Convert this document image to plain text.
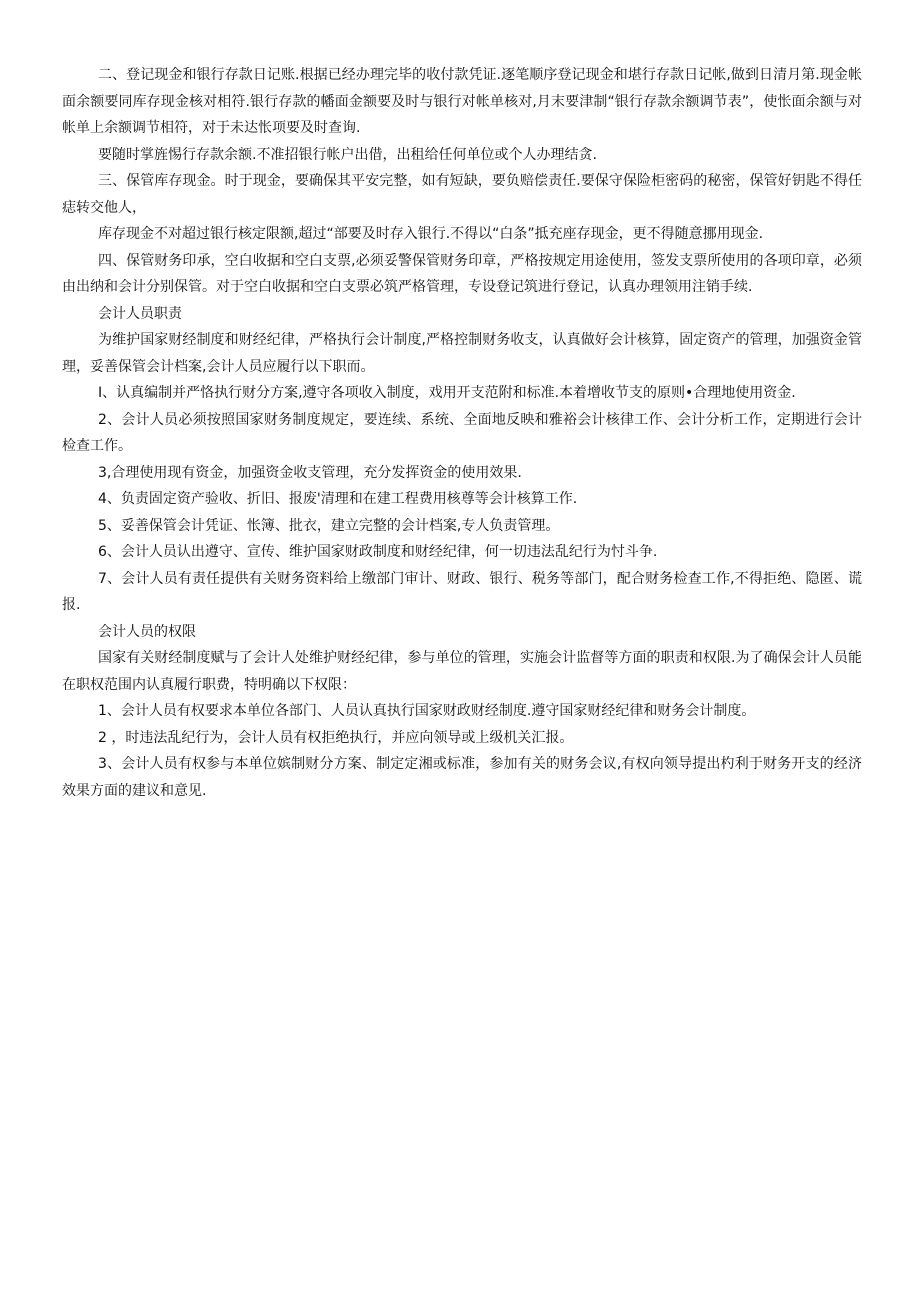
二、登记现金和银行存款日记账.根据已经办理完毕的收付款凭证.逐笔顺序登记现金和堪行存款日记帐,做到日清月第.现金帐面余额要同库存现金核对相符.银行存款的幡面金额要及时与银行对帐单核对,月末要津制“银行存款余额调节表”，使怅面余额与对帐单上余额调节相符，对于未达怅项要及时查询.

要随时掌旌惕行存款余额.不准招银行帐户出借，出租给任何单位或个人办理结贪.

三、保管库存现金。时于现金，要确保其平安完整，如有短缺，要负赔偿责任.要保守保险柜密码的秘密，保管好钥匙不得任痣转交他人，

库存现金不对超过银行核定限额,超过“部要及时存入银行.不得以“白条”抵充座存现金，更不得随意挪用现金.

四、保管财务印承，空白收据和空白支票,必须妥警保管财务印章，严格按规定用途使用，签发支票所使用的各项印章，必须由出纳和会计分别保管。对于空白收据和空白支票必筑严格管理，专设登记筑进行登记，认真办理领用注销手续.

会计人员职责

为维护国家财经制度和财经纪律，严格执行会计制度,严格控制财务收支，认真做好会计核算，固定资产的管理，加强资金管理，妥善保管会计档案,会计人员应履行以下职而。

I、认真编制并严恪执行财分方案,遵守各项收入制度，戏用开支范附和标准.本着增收节支的原则•合理地使用资金.

2、会计人员必须按照国家财务制度规定，要连续、系统、全面地反映和雅裕会计核律工作、会计分析工作，定期进行会计检查工作。

3,合理使用现有资金，加强资金收支管理，充分发挥资金的使用效果.

4、负责固定资产验收、折旧、报废'清理和在建工程费用核尊等会计核算工作.

5、妥善保管会计凭证、怅簿、批衣，建立完整的会计档案,专人负责管理。

6、会计人员认出遵守、宣传、维护国家财政制度和财经纪律，何一切违法乱纪行为忖斗争.

7、会计人员有责任提供有关财务资料给上缴部门审计、财政、银行、税务等部门，配合财务检查工作,不得拒绝、隐匿、谎报.

会计人员的权限

国家有关财经制度赋与了会计人处维护财经纪律，参与单位的管理，实施会计监督等方面的职责和权限.为了确保会计人员能在职权范围内认真履行职费，特明确以下权限：

1、会计人员有权要求本单位各部门、人员认真执行国家财政财经制度.遵守国家财经纪律和财务会计制度。

2 ，时违法乱纪行为，会计人员有权拒绝执行，并应向领导或上级机关汇报。

3、会计人员有权参与本单位嫔制财分方案、制定定湘或标准，参加有关的财务会议,有权向领导提出杓利于财务开支的经济效果方面的建议和意见.
